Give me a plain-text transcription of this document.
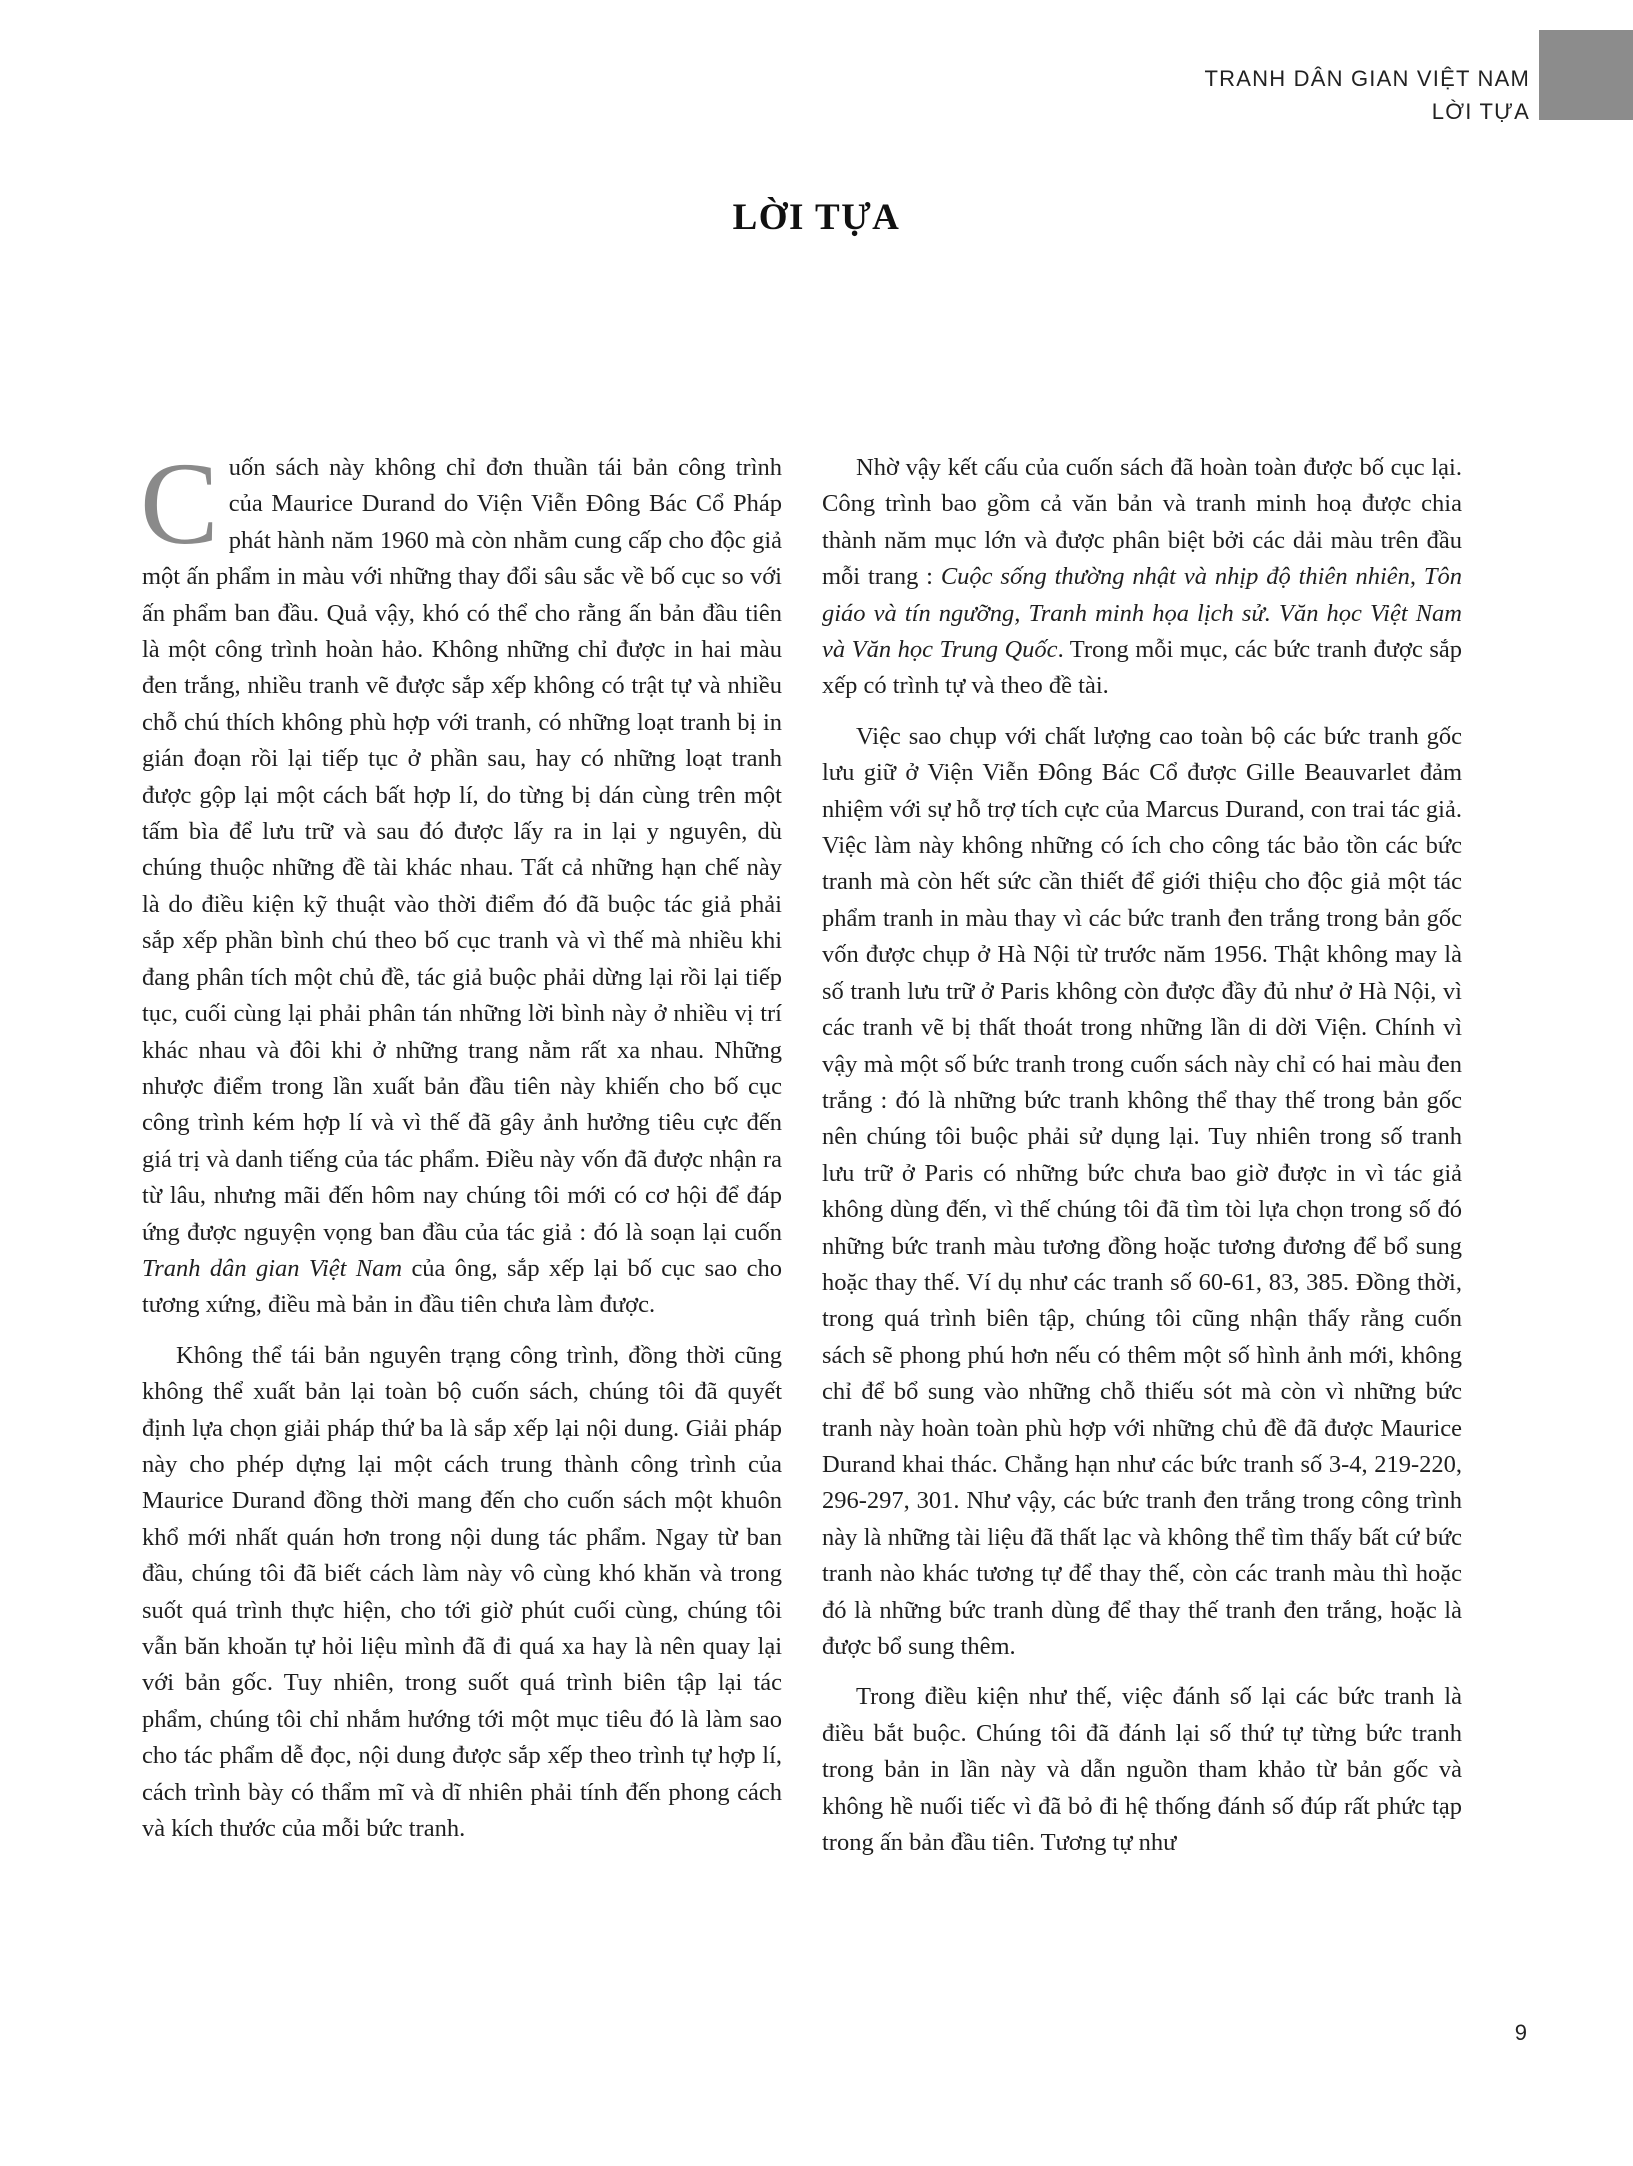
TRANH DÂN GIAN VIỆT NAM
LỜI TỰA
LỜI TỰA

Cuốn sách này không chỉ đơn thuần tái bản công trình của Maurice Durand do Viện Viễn Đông Bác Cổ Pháp phát hành năm 1960 mà còn nhằm cung cấp cho độc giả một ấn phẩm in màu với những thay đổi sâu sắc về bố cục so với ấn phẩm ban đầu. Quả vậy, khó có thể cho rằng ấn bản đầu tiên là một công trình hoàn hảo. Không những chỉ được in hai màu đen trắng, nhiều tranh vẽ được sắp xếp không có trật tự và nhiều chỗ chú thích không phù hợp với tranh, có những loạt tranh bị in gián đoạn rồi lại tiếp tục ở phần sau, hay có những loạt tranh được gộp lại một cách bất hợp lí, do từng bị dán cùng trên một tấm bìa để lưu trữ và sau đó được lấy ra in lại y nguyên, dù chúng thuộc những đề tài khác nhau. Tất cả những hạn chế này là do điều kiện kỹ thuật vào thời điểm đó đã buộc tác giả phải sắp xếp phần bình chú theo bố cục tranh và vì thế mà nhiều khi đang phân tích một chủ đề, tác giả buộc phải dừng lại rồi lại tiếp tục, cuối cùng lại phải phân tán những lời bình này ở nhiều vị trí khác nhau và đôi khi ở những trang nằm rất xa nhau. Những nhược điểm trong lần xuất bản đầu tiên này khiến cho bố cục công trình kém hợp lí và vì thế đã gây ảnh hưởng tiêu cực đến giá trị và danh tiếng của tác phẩm. Điều này vốn đã được nhận ra từ lâu, nhưng mãi đến hôm nay chúng tôi mới có cơ hội để đáp ứng được nguyện vọng ban đầu của tác giả : đó là soạn lại cuốn Tranh dân gian Việt Nam của ông, sắp xếp lại bố cục sao cho tương xứng, điều mà bản in đầu tiên chưa làm được.

Không thể tái bản nguyên trạng công trình, đồng thời cũng không thể xuất bản lại toàn bộ cuốn sách, chúng tôi đã quyết định lựa chọn giải pháp thứ ba là sắp xếp lại nội dung. Giải pháp này cho phép dựng lại một cách trung thành công trình của Maurice Durand đồng thời mang đến cho cuốn sách một khuôn khổ mới nhất quán hơn trong nội dung tác phẩm. Ngay từ ban đầu, chúng tôi đã biết cách làm này vô cùng khó khăn và trong suốt quá trình thực hiện, cho tới giờ phút cuối cùng, chúng tôi vẫn băn khoăn tự hỏi liệu mình đã đi quá xa hay là nên quay lại với bản gốc. Tuy nhiên, trong suốt quá trình biên tập lại tác phẩm, chúng tôi chỉ nhắm hướng tới một mục tiêu đó là làm sao cho tác phẩm dễ đọc, nội dung được sắp xếp theo trình tự hợp lí, cách trình bày có thẩm mĩ và dĩ nhiên phải tính đến phong cách và kích thước của mỗi bức tranh.

Nhờ vậy kết cấu của cuốn sách đã hoàn toàn được bố cục lại. Công trình bao gồm cả văn bản và tranh minh hoạ được chia thành năm mục lớn và được phân biệt bởi các dải màu trên đầu mỗi trang : Cuộc sống thường nhật và nhịp độ thiên nhiên, Tôn giáo và tín ngưỡng, Tranh minh họa lịch sử. Văn học Việt Nam và Văn học Trung Quốc. Trong mỗi mục, các bức tranh được sắp xếp có trình tự và theo đề tài.

Việc sao chụp với chất lượng cao toàn bộ các bức tranh gốc lưu giữ ở Viện Viễn Đông Bác Cổ được Gille Beauvarlet đảm nhiệm với sự hỗ trợ tích cực của Marcus Durand, con trai tác giả. Việc làm này không những có ích cho công tác bảo tồn các bức tranh mà còn hết sức cần thiết để giới thiệu cho độc giả một tác phẩm tranh in màu thay vì các bức tranh đen trắng trong bản gốc vốn được chụp ở Hà Nội từ trước năm 1956. Thật không may là số tranh lưu trữ ở Paris không còn được đầy đủ như ở Hà Nội, vì các tranh vẽ bị thất thoát trong những lần di dời Viện. Chính vì vậy mà một số bức tranh trong cuốn sách này chỉ có hai màu đen trắng : đó là những bức tranh không thể thay thế trong bản gốc nên chúng tôi buộc phải sử dụng lại. Tuy nhiên trong số tranh lưu trữ ở Paris có những bức chưa bao giờ được in vì tác giả không dùng đến, vì thế chúng tôi đã tìm tòi lựa chọn trong số đó những bức tranh màu tương đồng hoặc tương đương để bổ sung hoặc thay thế. Ví dụ như các tranh số 60-61, 83, 385. Đồng thời, trong quá trình biên tập, chúng tôi cũng nhận thấy rằng cuốn sách sẽ phong phú hơn nếu có thêm một số hình ảnh mới, không chỉ để bổ sung vào những chỗ thiếu sót mà còn vì những bức tranh này hoàn toàn phù hợp với những chủ đề đã được Maurice Durand khai thác. Chẳng hạn như các bức tranh số 3-4, 219-220, 296-297, 301. Như vậy, các bức tranh đen trắng trong công trình này là những tài liệu đã thất lạc và không thể tìm thấy bất cứ bức tranh nào khác tương tự để thay thế, còn các tranh màu thì hoặc đó là những bức tranh dùng để thay thế tranh đen trắng, hoặc là được bổ sung thêm.

Trong điều kiện như thế, việc đánh số lại các bức tranh là điều bắt buộc. Chúng tôi đã đánh lại số thứ tự từng bức tranh trong bản in lần này và dẫn nguồn tham khảo từ bản gốc và không hề nuối tiếc vì đã bỏ đi hệ thống đánh số đúp rất phức tạp trong ấn bản đầu tiên. Tương tự như

9
